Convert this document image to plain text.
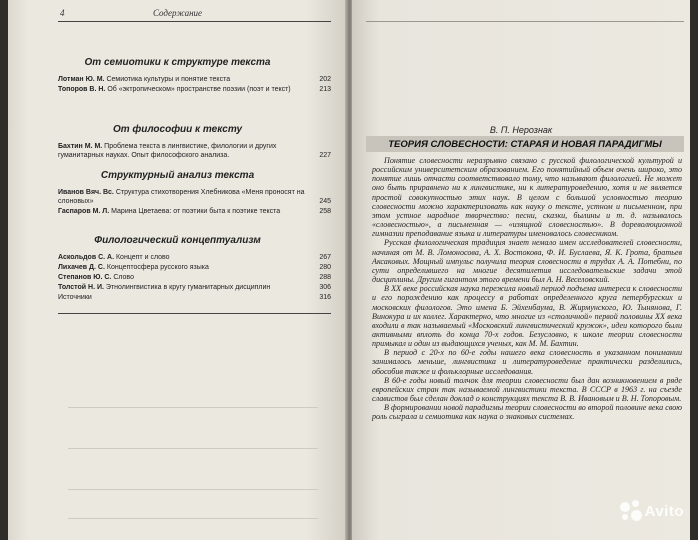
4	Содержание
От семиотики к структуре текста
Лотман Ю. М. Семиотика культуры и понятие текста	202
Топоров В. Н. Об «эктропическом» пространстве поэзии (поэт и текст)	213
От философии к тексту
Бахтин М. М. Проблема текста в лингвистике, филологии и других гуманитарных науках. Опыт философского анализа.	227
Структурный анализ текста
Иванов Вяч. Вс. Структура стихотворения Хлебникова «Меня проносят на слоновых»	245
Гаспаров М. Л. Марина Цветаева: от поэтики быта к поэтике текста	258
Филологический концептуализм
Аскольдов С. А. Концепт и слово	267
Лихачев Д. С. Концептосфера русского языка	280
Степанов Ю. С. Слово	288
Толстой Н. И. Этнолингвистика в кругу гуманитарных дисциплин	306
Источники	316
В. П. Нерознак
ТЕОРИЯ СЛОВЕСНОСТИ: СТАРАЯ И НОВАЯ ПАРАДИГМЫ

Понятие словесности неразрывно связано с русской филологической культурой и российским университетским образованием. Его понятийный объем очень широко, это понятие лишь отчасти соответствовало тому, что называют филологией. Не может оно быть приравнено ни к лингвистике, ни к литературоведению, хотя и не является простой совокупностью этих наук. В целом с большой условностью теорию словесности можно характеризовать как науку о тексте, устном и письменном, при этом устное народное творчество: песни, сказки, былины и т. д. называлось «словесностью», а письменная — «изящной словесностью». В дореволюционной гимназии преподавание языка и литературы именовалось словесником.

Русская филологическая традиция знает немало имен исследователей словесности, начиная от М. В. Ломоносова, А. Х. Востокова, Ф. И. Буслаева, Я. К. Грота, братьев Аксаковых. Мощный импульс получила теория словесности в трудах А. А. Потебни, по сути определившего на многие десятилетия исследовательские задачи этой дисциплины. Другим гигантом этого времени был А. Н. Веселовский.

В XX веке российская наука пережила новый период подъема интереса к словесности и его порождению как процессу в работах определенного круга петербургских и московских филологов. Это имена Б. Эйхенбаума, В. Жирмунского, Ю. Тынянова, Г. Винокура и их коллег. Характерно, что многие из «столичной» первой половины XX века входили в так называемый «Московский лингвистический кружок», идеи которого были активными вплоть до конца 70-х годов. Безусловно, к школе теории словесности примыкал и один из выдающихся ученых, как М. М. Бахтин.

В период с 20-х по 60-е годы нашего века словесность в указанном понимании занималось меньше, лингвистика и литературоведение практически разделились, обособив также и фольклорные исследования.

В 60-е годы новый толчок для теории словесности был дан возникновением в ряде европейских стран так называемой лингвистики текста. В СССР в 1963 г. на съезде славистов был сделан доклад о конструкциях текста В. В. Ивановым и В. Н. Топоровым.

В формировании новой парадигмы теории словесности во второй половине века свою роль сыграла и семиотика как наука о знаковых системах.

Avito
